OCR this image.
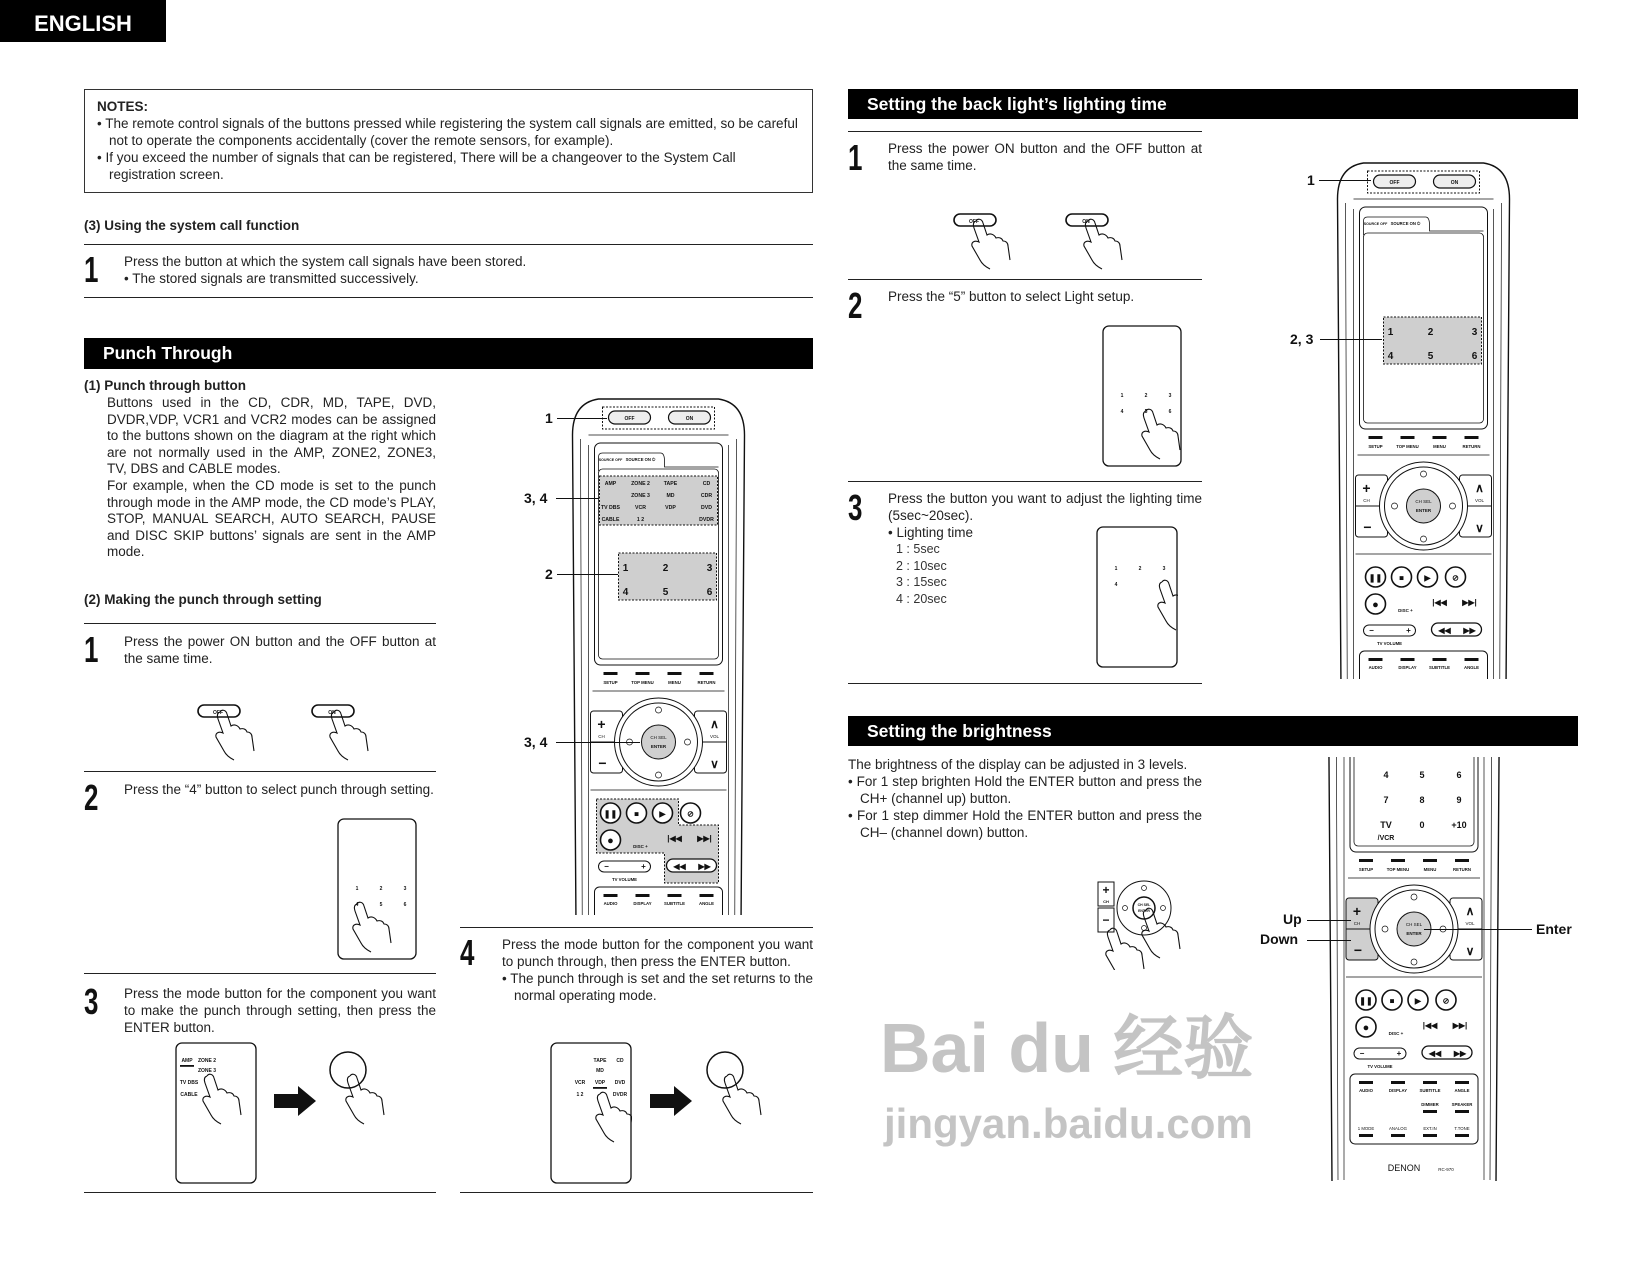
ENGLISH
NOTES:
• The remote control signals of the buttons pressed while registering the system call signals are emitted, so be careful not to operate the components accidentally (cover the remote sensors, for example).
• If you exceed the number of signals that can be registered, There will be a changeover to the System Call registration screen.
(3) Using the system call function
1 Press the button at which the system call signals have been stored.
• The stored signals are transmitted successively.
Punch Through
(1) Punch through button
Buttons used in the CD, CDR, MD, TAPE, DVD, DVDR,VDP, VCR1 and VCR2 modes can be assigned to the buttons shown on the diagram at the right which are not normally used in the AMP, ZONE2, ZONE3, TV, DBS and CABLE modes.
For example, when the CD mode is set to the punch through mode in the AMP mode, the CD mode’s PLAY, STOP, MANUAL SEARCH, AUTO SEARCH, PAUSE and DISC SKIP buttons’ signals are sent in the AMP mode.
(2) Making the punch through setting
1 Press the power ON button and the OFF button at the same time.
OFF	ON
2 Press the “4” button to select punch through setting.
1	2	3
4	5	6
3 Press the mode button for the component you want to make the punch through setting, then press the ENTER button.
AMP ZONE 2
ZONE 3
TV DBS
CABLE
OFF	ON
SOURCE OFF SOURCE ON ⏻
AMP	ZONE 2	TAPE	CD
ZONE 3	MD	CDR
TV DBS	VCR	VDP	DVD
CABLE	1 2	DVDR
1	2	3
4	5	6
SETUP	TOP MENU	MENU	RETURN
CH SEL
ENTER
+
CH
−
∧
VOL
∨
❚❚ ■	▶	⊘
●	DISC +
|◀◀ ▶▶|
−	+
TV VOLUME
◀◀ ▶▶
AUDIO	DISPLAY	SUBTITLE	ANGLE
1
3, 4
2
3, 4
4 Press the mode button for the component you want to punch through, then press the ENTER button.
• The punch through is set and the set returns to the normal operating mode.
TAPE CD
MD
VCR VDP DVD
1 2	DVDR
Setting the back light’s lighting time
1 Press the power ON button and the OFF button at the same time.
OFF	ON
2 Press the “5” button to select Light setup.
1	2	3
4	5	6
3 Press the button you want to adjust the lighting time (5sec~20sec).
• Lighting time
1 : 5sec
2 : 10sec
3 : 15sec
4 : 20sec
1	2	3
4
OFF	ON
SOURCE OFF SOURCE ON ⏻
1	2	3
4	5	6
SETUP	TOP MENU	MENU	RETURN
CH SEL
ENTER
+
CH
−
∧
VOL
∨
❚❚ ■	▶	⊘
●	DISC +
|◀◀ ▶▶|
−	+
TV VOLUME
◀◀ ▶▶
AUDIO	DISPLAY	SUBTITLE	ANGLE
1
2, 3
Setting the brightness
The brightness of the display can be adjusted in 3 levels.
• For 1 step brighten Hold the ENTER button and press the CH+ (channel up) button.
• For 1 step dimmer Hold the ENTER button and press the CH– (channel down) button.
+
CH
−
CH SEL
ENTER
4	5	6
7	8	9
TV	0	+10
/VCR
SETUP	TOP MENU	MENU	RETURN
CH SEL
ENTER
+
CH
−
∧
VOL
∨
❚❚ ■	▶	⊘
●	DISC +
|◀◀ ▶▶|
−	+
TV VOLUME
◀◀ ▶▶
AUDIO	DISPLAY	SUBTITLE	ANGLE
DIMMER	SPEAKER
1 MODE	ANALOG	EXT.IN	T.TONE
DENON	RC-970
Up
Down
Enter
Bai du 经验
jingyan.baidu.com
